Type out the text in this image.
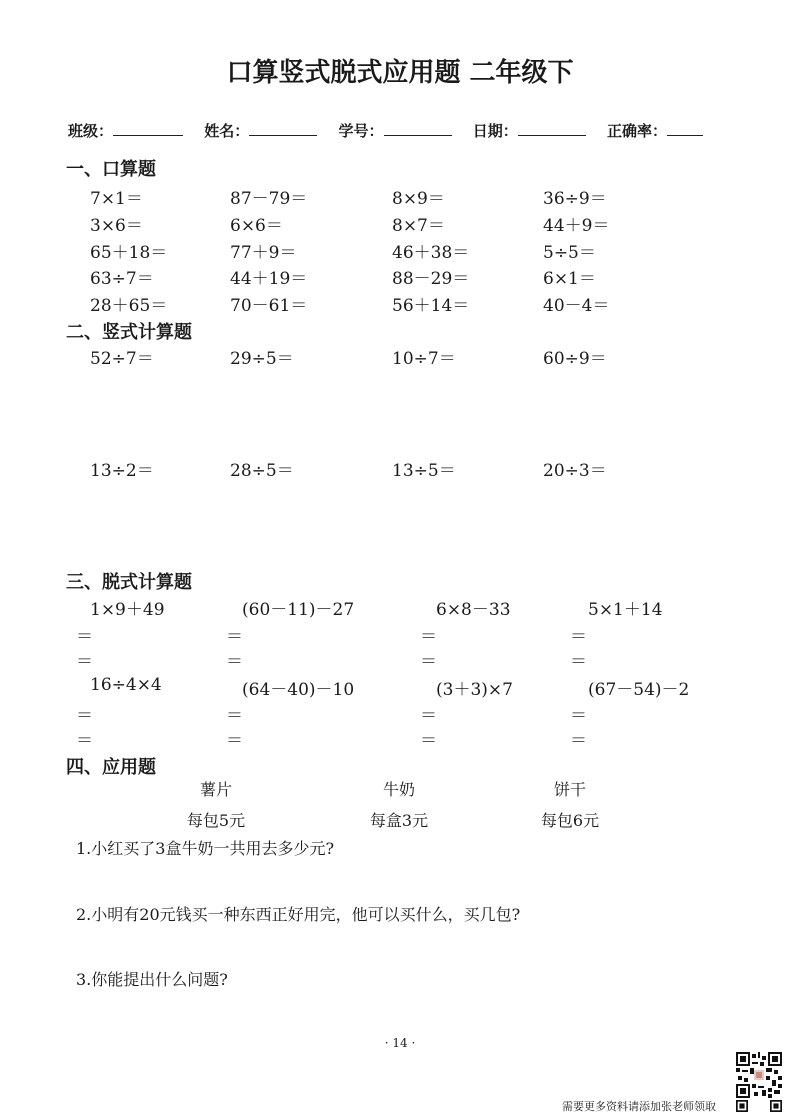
口算竖式脱式应用题 二年级下
班级：	姓名：	学号：	日期：	正确率：
一、口算题
7×1＝	87－79＝	8×9＝	36÷9＝
3×6＝	6×6＝	8×7＝	44＋9＝
65＋18＝	77＋9＝	46＋38＝	5÷5＝
63÷7＝	44＋19＝	88－29＝	6×1＝
28＋65＝	70－61＝	56＋14＝	40－4＝
二、竖式计算题
52÷7＝	29÷5＝	10÷7＝	60÷9＝
13÷2＝	28÷5＝	13÷5＝	20÷3＝
三、脱式计算题
1×9＋49	(60－11)－27	6×8－33	5×1＋14
＝	＝	＝	＝
＝	＝	＝	＝
16÷4×4	(64－40)－10	(3＋3)×7	(67－54)－2
＝	＝	＝	＝
＝	＝	＝	＝
四、应用题
薯片	牛奶	饼干
每包5元	每盒3元	每包6元
1.小红买了3盒牛奶一共用去多少元?
2.小明有20元钱买一种东西正好用完，他可以买什么，买几包?
3.你能提出什么问题?
· 14 ·
需要更多资料请添加张老师领取
